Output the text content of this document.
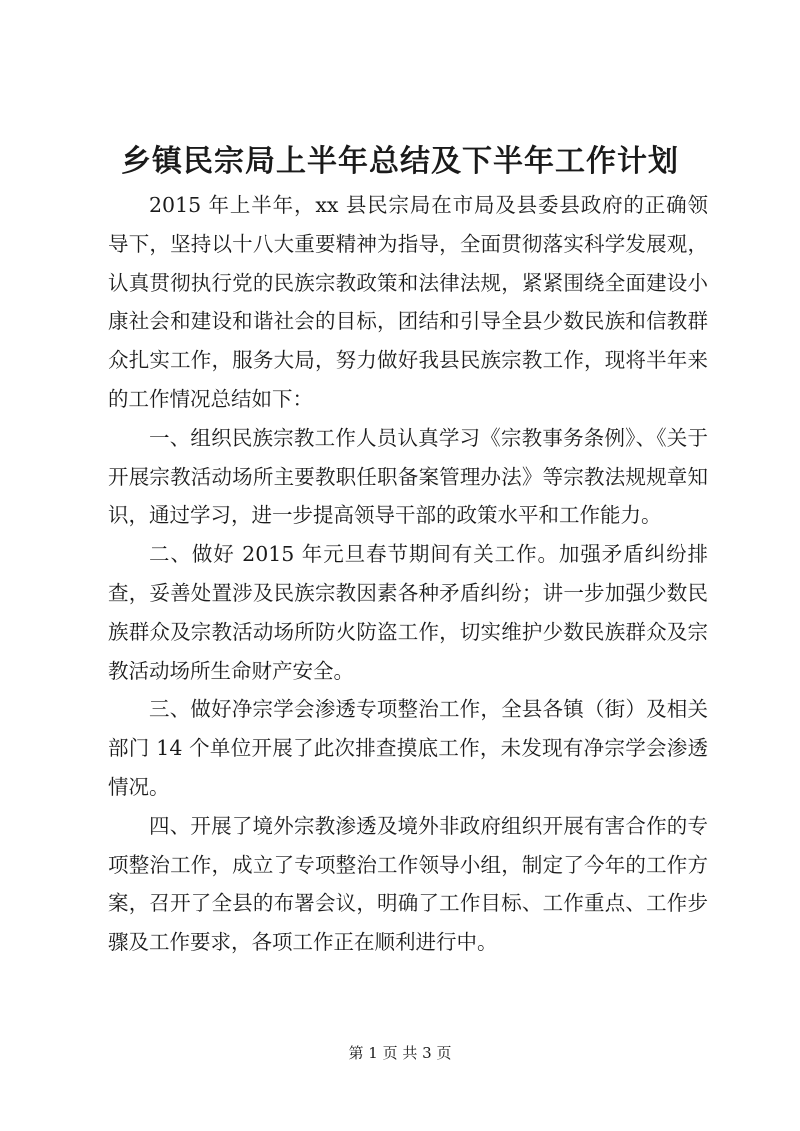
乡镇民宗局上半年总结及下半年工作计划

2015 年上半年，xx 县民宗局在市局及县委县政府的正确领导下，坚持以十八大重要精神为指导，全面贯彻落实科学发展观，认真贯彻执行党的民族宗教政策和法律法规，紧紧围绕全面建设小康社会和建设和谐社会的目标，团结和引导全县少数民族和信教群众扎实工作，服务大局，努力做好我县民族宗教工作，现将半年来的工作情况总结如下：

一、组织民族宗教工作人员认真学习《宗教事务条例》、《关于开展宗教活动场所主要教职任职备案管理办法》等宗教法规规章知识，通过学习，进一步提高领导干部的政策水平和工作能力。

二、做好 2015 年元旦春节期间有关工作。加强矛盾纠纷排查，妥善处置涉及民族宗教因素各种矛盾纠纷；讲一步加强少数民族群众及宗教活动场所防火防盗工作，切实维护少数民族群众及宗教活动场所生命财产安全。

三、做好净宗学会渗透专项整治工作，全县各镇（街）及相关部门 14 个单位开展了此次排查摸底工作，未发现有净宗学会渗透情况。

四、开展了境外宗教渗透及境外非政府组织开展有害合作的专项整治工作，成立了专项整治工作领导小组，制定了今年的工作方案，召开了全县的布署会议，明确了工作目标、工作重点、工作步骤及工作要求，各项工作正在顺利进行中。

第 1 页 共 3 页
